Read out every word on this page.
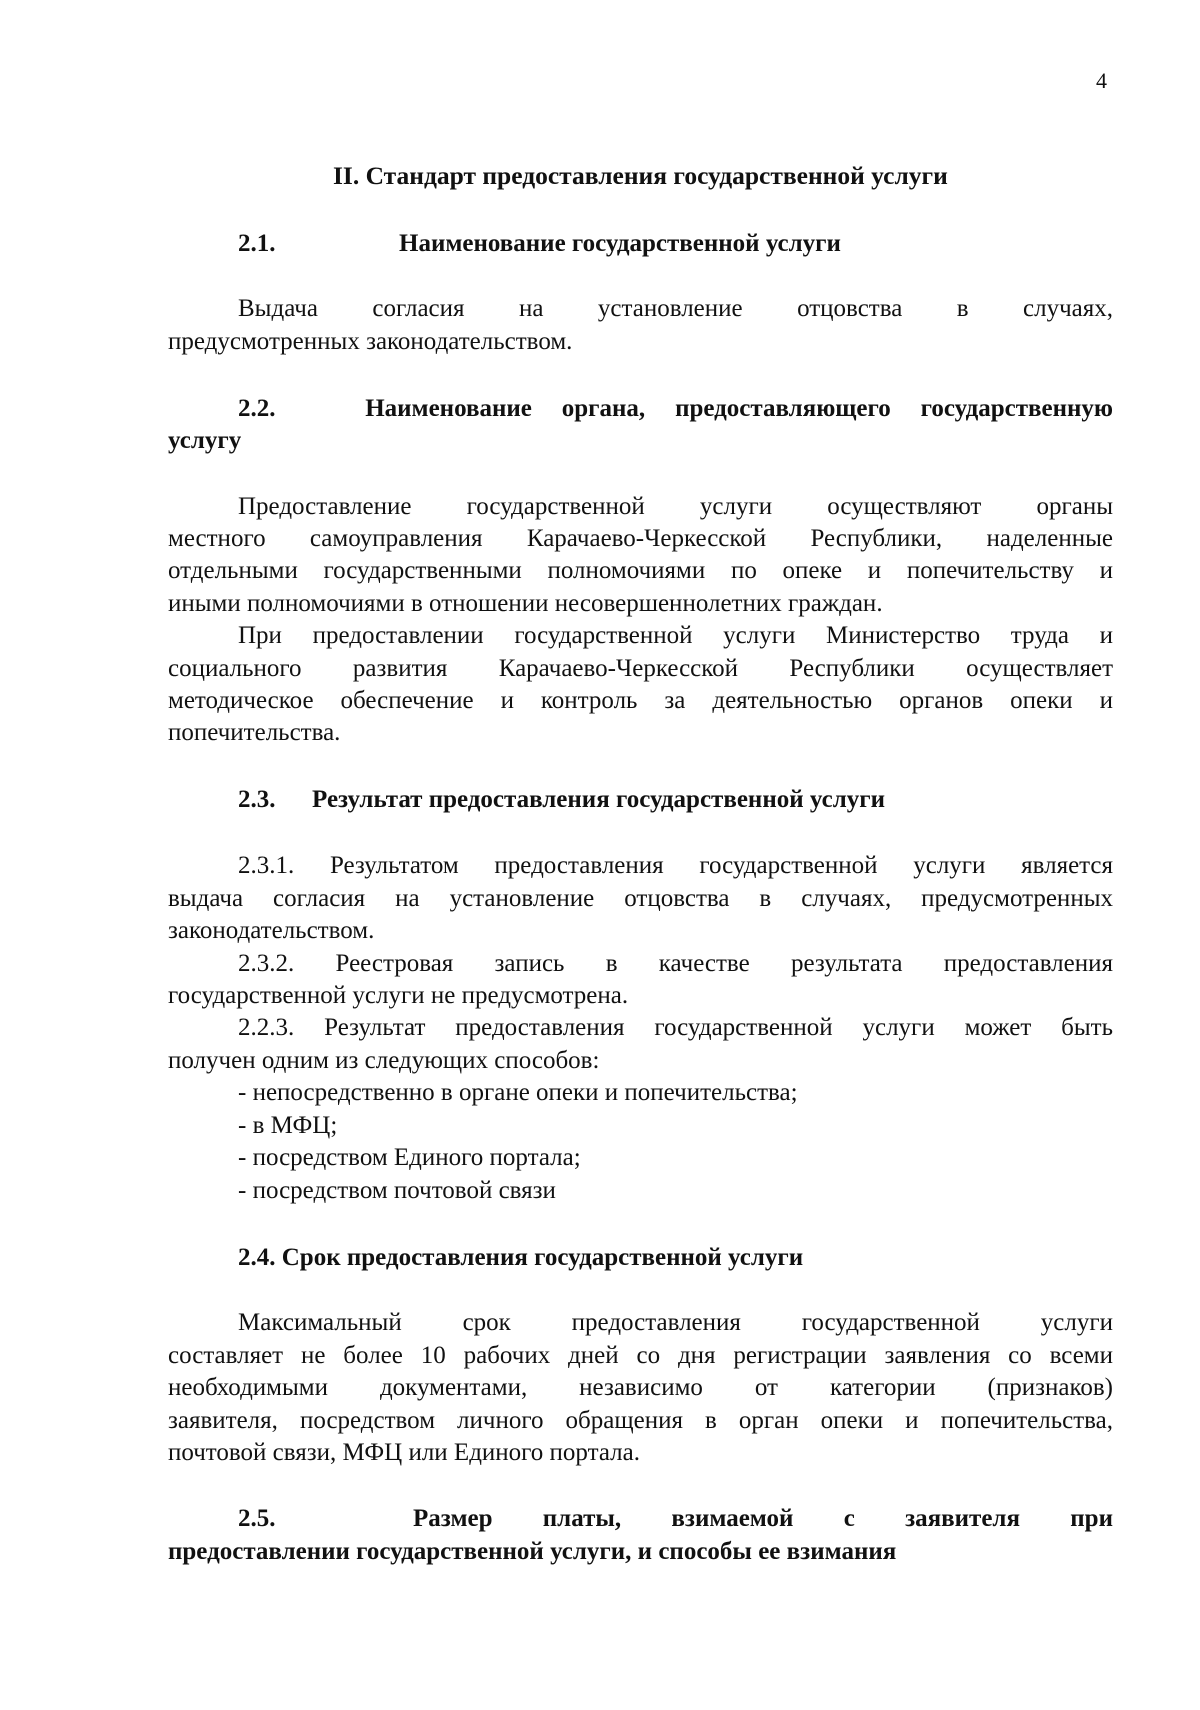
4
II. Стандарт предоставления государственной услуги
2.1.	Наименование государственной услуги
Выдача согласия на установление отцовства в случаях,
предусмотренных законодательством.
2.2.	Наименование органа, предоставляющего государственную
услугу
Предоставление государственной услуги осуществляют органы
местного самоуправления Карачаево-Черкесской Республики, наделенные
отдельными государственными полномочиями по опеке и попечительству и
иными полномочиями в отношении несовершеннолетних граждан.
При предоставлении государственной услуги Министерство труда и
социального развития Карачаево-Черкесской Республики осуществляет
методическое обеспечение и контроль за деятельностью органов опеки и
попечительства.
2.3. Результат предоставления государственной услуги
2.3.1. Результатом предоставления государственной услуги является
выдача согласия на установление отцовства в случаях, предусмотренных
законодательством.
2.3.2. Реестровая запись в качестве результата предоставления
государственной услуги не предусмотрена.
2.2.3. Результат предоставления государственной услуги может быть
получен одним из следующих способов:
- непосредственно в органе опеки и попечительства;
- в МФЦ;
- посредством Единого портала;
- посредством почтовой связи
2.4. Срок предоставления государственной услуги
Максимальный срок предоставления государственной услуги
составляет не более 10 рабочих дней со дня регистрации заявления со всеми
необходимыми документами, независимо от категории (признаков)
заявителя, посредством личного обращения в орган опеки и попечительства,
почтовой связи, МФЦ или Единого портала.
2.5.	Размер платы, взимаемой с заявителя при
предоставлении государственной услуги, и способы ее взимания
